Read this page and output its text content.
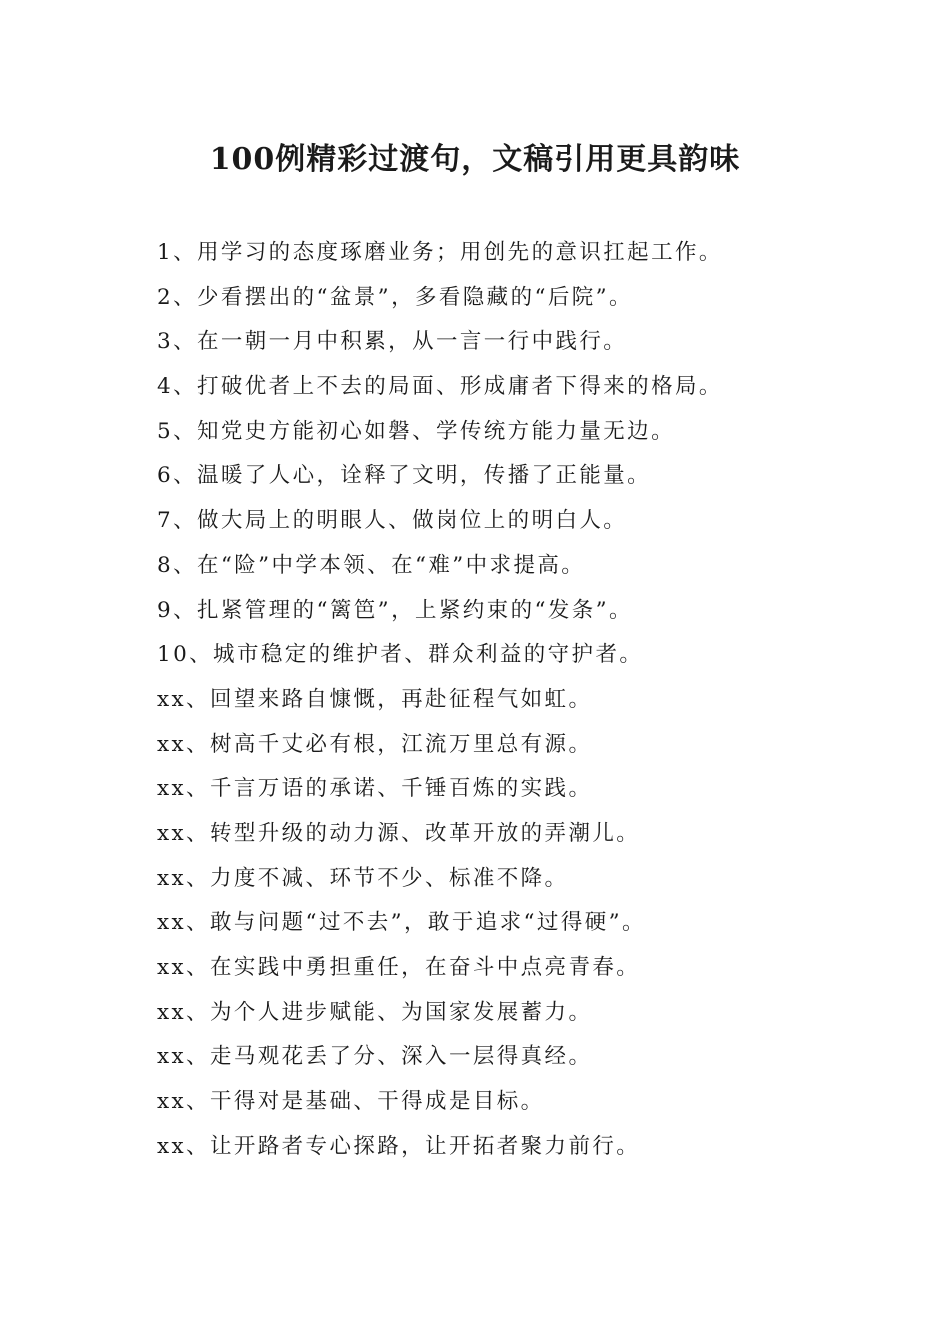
100例精彩过渡句，文稿引用更具韵味
1、用学习的态度琢磨业务；用创先的意识扛起工作。
2、少看摆出的“盆景”，多看隐藏的“后院”。
3、在一朝一月中积累，从一言一行中践行。
4、打破优者上不去的局面、形成庸者下得来的格局。
5、知党史方能初心如磐、学传统方能力量无边。
6、温暖了人心，诠释了文明，传播了正能量。
7、做大局上的明眼人、做岗位上的明白人。
8、在“险”中学本领、在“难”中求提高。
9、扎紧管理的“篱笆”，上紧约束的“发条”。
10、城市稳定的维护者、群众利益的守护者。
xx、回望来路自慷慨，再赴征程气如虹。
xx、树高千丈必有根，江流万里总有源。
xx、千言万语的承诺、千锤百炼的实践。
xx、转型升级的动力源、改革开放的弄潮儿。
xx、力度不减、环节不少、标准不降。
xx、敢与问题“过不去”，敢于追求“过得硬”。
xx、在实践中勇担重任，在奋斗中点亮青春。
xx、为个人进步赋能、为国家发展蓄力。
xx、走马观花丢了分、深入一层得真经。
xx、干得对是基础、干得成是目标。
xx、让开路者专心探路，让开拓者聚力前行。
